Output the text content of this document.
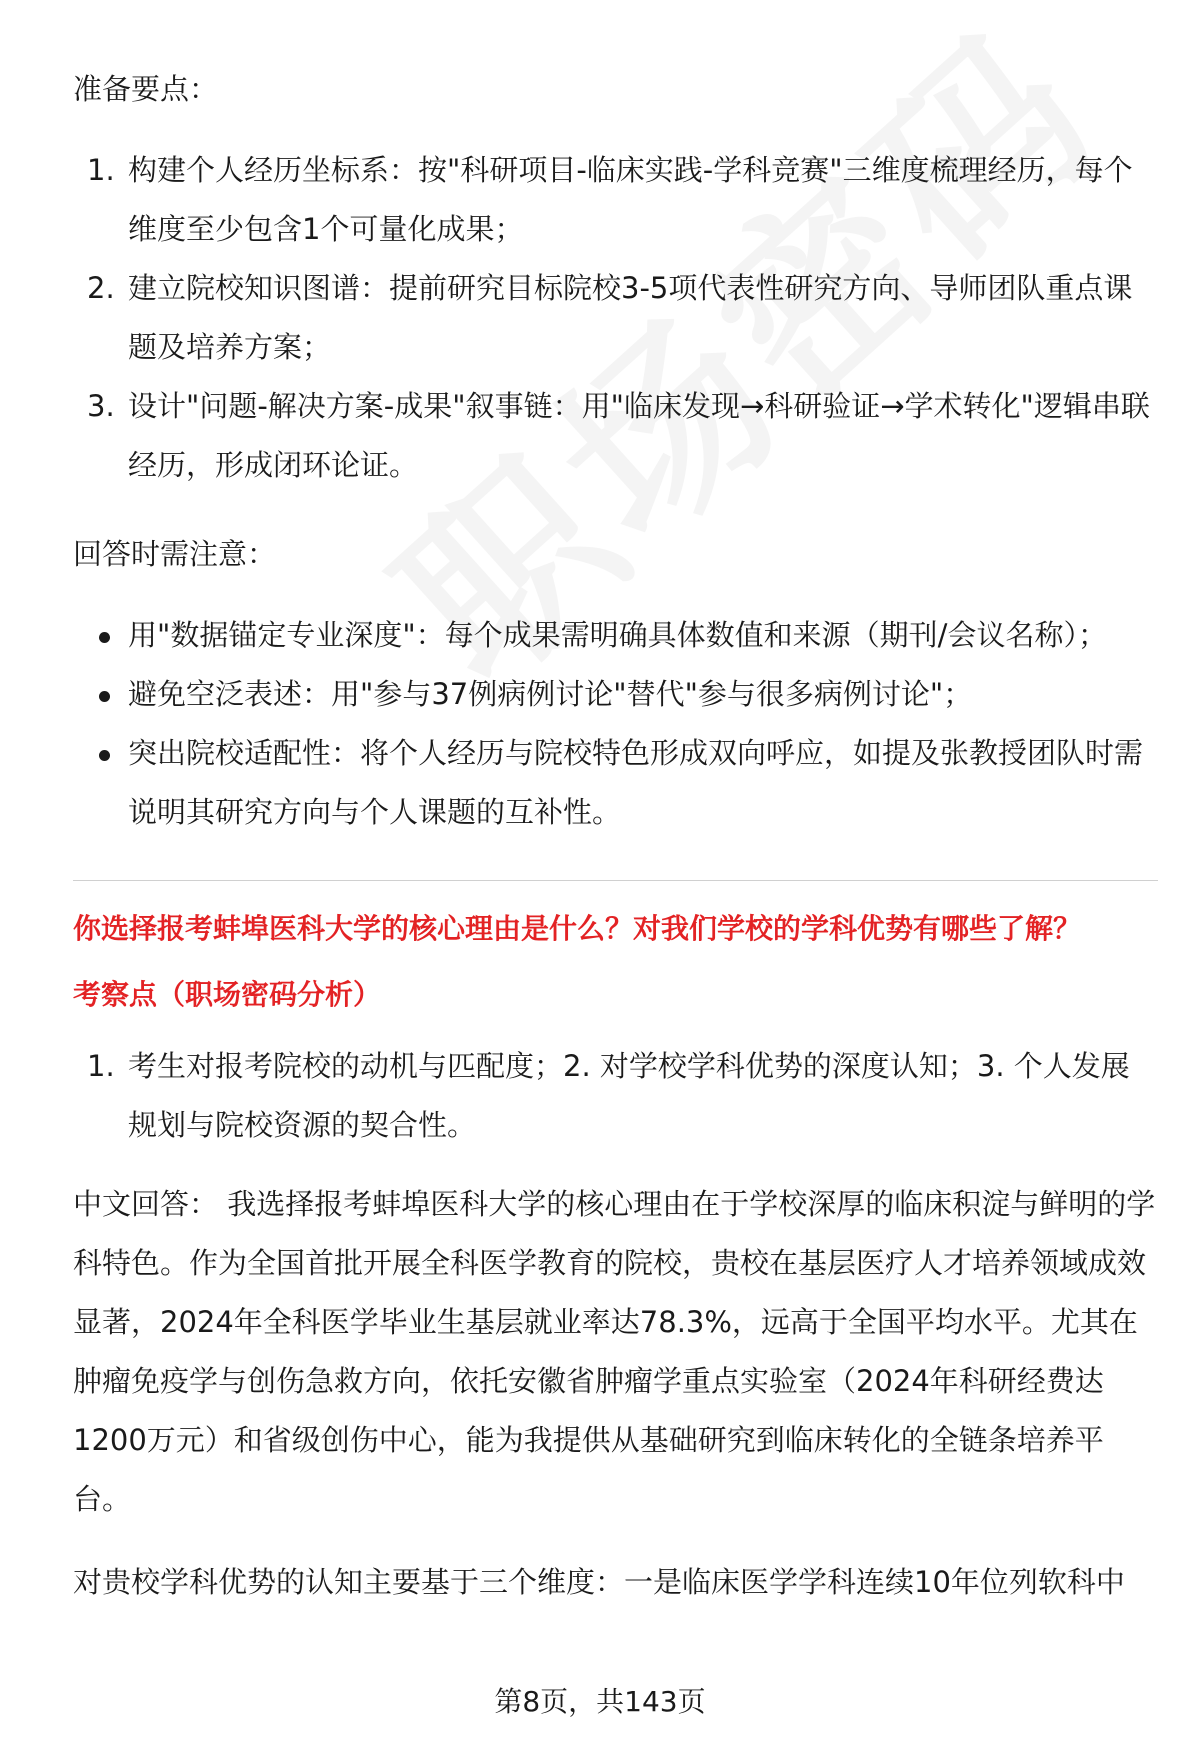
准备要点：

1. 构建个人经历坐标系：按"科研项目-临床实践-学科竞赛"三维度梳理经历，每个维度至少包含1个可量化成果；
2. 建立院校知识图谱：提前研究目标院校3-5项代表性研究方向、导师团队重点课题及培养方案；
3. 设计"问题-解决方案-成果"叙事链：用"临床发现→科研验证→学术转化"逻辑串联经历，形成闭环论证。

回答时需注意：

用"数据锚定专业深度"：每个成果需明确具体数值和来源（期刊/会议名称）；
避免空泛表述：用"参与37例病例讨论"替代"参与很多病例讨论"；
突出院校适配性：将个人经历与院校特色形成双向呼应，如提及张教授团队时需说明其研究方向与个人课题的互补性。

你选择报考蚌埠医科大学的核心理由是什么？对我们学校的学科优势有哪些了解？

考察点（职场密码分析）

1. 考生对报考院校的动机与匹配度；2. 对学校学科优势的深度认知；3. 个人发展规划与院校资源的契合性。

中文回答： 我选择报考蚌埠医科大学的核心理由在于学校深厚的临床积淀与鲜明的学科特色。作为全国首批开展全科医学教育的院校，贵校在基层医疗人才培养领域成效显著，2024年全科医学毕业生基层就业率达78.3%，远高于全国平均水平。尤其在肿瘤免疫学与创伤急救方向，依托安徽省肿瘤学重点实验室（2024年科研经费达1200万元）和省级创伤中心，能为我提供从基础研究到临床转化的全链条培养平台。

对贵校学科优势的认知主要基于三个维度：一是临床医学学科连续10年位列软科中

第8页，共143页
